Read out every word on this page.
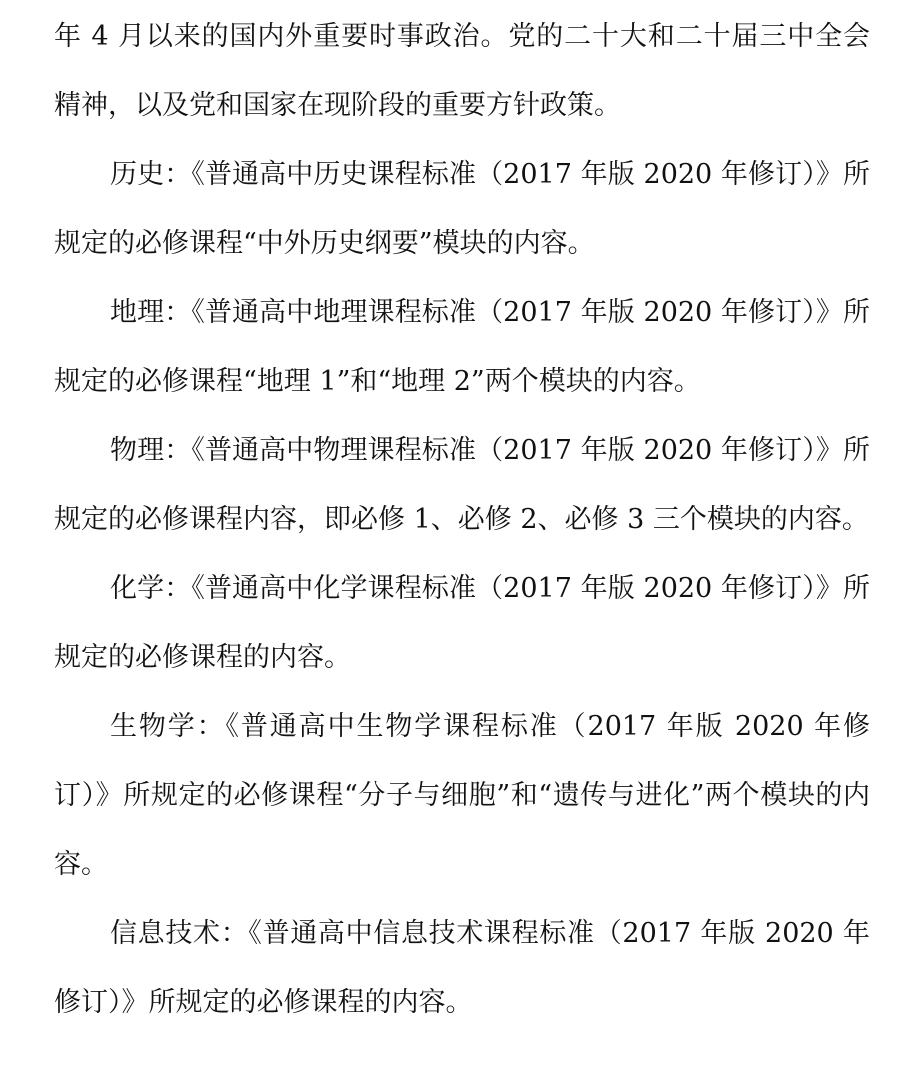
年 4 月以来的国内外重要时事政治。党的二十大和二十届三中全会精神，以及党和国家在现阶段的重要方针政策。

历史：《普通高中历史课程标准（2017 年版 2020 年修订）》所规定的必修课程“中外历史纲要”模块的内容。

地理：《普通高中地理课程标准（2017 年版 2020 年修订）》所规定的必修课程“地理 1”和“地理 2”两个模块的内容。

物理：《普通高中物理课程标准（2017 年版 2020 年修订）》所规定的必修课程内容，即必修 1、必修 2、必修 3 三个模块的内容。

化学：《普通高中化学课程标准（2017 年版 2020 年修订）》所规定的必修课程的内容。

生物学：《普通高中生物学课程标准（2017 年版 2020 年修订）》所规定的必修课程“分子与细胞”和“遗传与进化”两个模块的内容。

信息技术：《普通高中信息技术课程标准（2017 年版 2020 年修订）》所规定的必修课程的内容。
